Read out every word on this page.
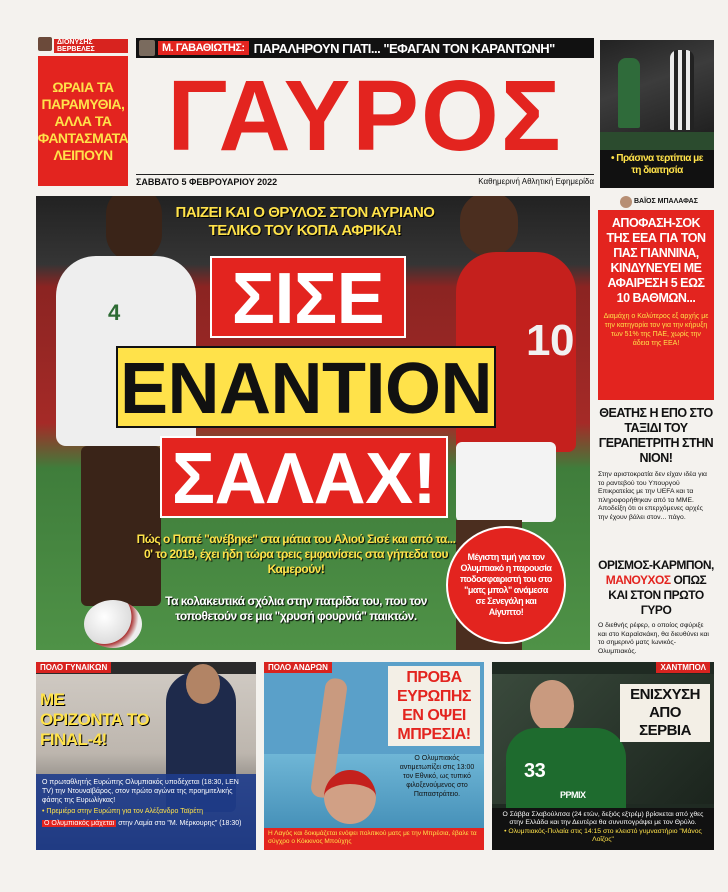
ΔΙΟΝΥΣΗΣ ΒΕΡΒΕΛΕΣ
ΩΡΑΙΑ ΤΑ ΠΑΡΑΜΥΘΙΑ, ΑΛΛΑ ΤΑ ΦΑΝΤΑΣΜΑΤΑ ΛΕΙΠΟΥΝ
Μ. ΓΑΒΑΘΙΩΤΗΣ: ΠΑΡΑΛΗΡΟΥΝ ΓΙΑΤΙ... "ΕΦΑΓΑΝ ΤΟΝ ΚΑΡΑΝΤΩΝΗ"
ΓΑΥΡΟΣ
ΣΑΒΒΑΤΟ 5 ΦΕΒΡΟΥΑΡΙΟΥ 2022	Καθημερινή Αθλητική Εφημερίδα
• Πράσινα τερτίπια με τη διαιτησία
4
10
ΠΑΙΖΕΙ ΚΑΙ Ο ΘΡΥΛΟΣ ΣΤΟΝ ΑΥΡΙΑΝΟ ΤΕΛΙΚΟ ΤΟΥ ΚΟΠΑ ΑΦΡΙΚΑ!
ΣΙΣΕ
ΕΝΑΝΤΙΟΝ
ΣΑΛΑΧ!
Πώς ο Παπέ "ανέβηκε" στα μάτια του Αλιού Σισέ και από τα... 0' το 2019, έχει ήδη τώρα τρεις εμφανίσεις στα γήπεδα του Καμερούν!
Τα κολακευτικά σχόλια στην πατρίδα του, που τον τοποθετούν σε μια "χρυσή φουρνιά" παικτών.
Μέγιστη τιμή για τον Ολυμπιακό η παρουσία ποδοσφαιριστή του στο "ματς μπολ" ανάμεσα σε Σενεγάλη και Αίγυπτο!
ΒΑΪΟΣ ΜΠΑΛΑΦΑΣ
ΑΠΟΦΑΣΗ-ΣΟΚ ΤΗΣ ΕΕΑ ΓΙΑ ΤΟΝ ΠΑΣ ΓΙΑΝΝΙΝΑ, ΚΙΝΔΥΝΕΥΕΙ ΜΕ ΑΦΑΙΡΕΣΗ 5 ΕΩΣ 10 ΒΑΘΜΩΝ...
Διαμάχη ο Καλύτερος εξ αρχής με την κατηγορία τον για την κήρυξη των 51% της ΠΑΕ, χωρίς την άδεια της ΕΕΑ!
ΘΕΑΤΗΣ Η ΕΠΟ ΣΤΟ ΤΑΞΙΔΙ ΤΟΥ ΓΕΡΑΠΕΤΡΙΤΗ ΣΤΗΝ ΝΙΟΝ!
Στην αριστοκρατία δεν είχαν ιδέα για το ραντεβού του Υπουργού Επικρατείας με την UEFA και τα πληροφορήθηκαν από τα ΜΜΕ. Αποδείξη ότι οι επερχόμενες αρχές την έχουν βάλει στον... πάγο.
ΟΡΙΣΜΟΣ-ΚΑΡΜΠΟΝ, ΜΑΝΟΥΧΟΣ ΟΠΩΣ ΚΑΙ ΣΤΟΝ ΠΡΩΤΟ ΓΥΡΟ
Ο διεθνής ρέφερ, ο οποίος σφύριξε και στο Καραϊσκάκη, θα διευθύνει και το σημερινό ματς Ιωνικός-Ολυμπιακός.
ΠΟΛΟ ΓΥΝΑΙΚΩΝ
ΜΕ ΟΡΙΖΟΝΤΑ ΤΟ FINAL-4!
Ο πρωταθλητής Ευρώπης Ολυμπιακός υποδέχεται (18:30, LEN TV) την Ντουναϊβάρος, στον πρώτο αγώνα της προημιτελικής φάσης της Ευρωλίγκας!
• Πρεμιέρα στην Ευρώπη για τον Αλέξανδρο Ταϊρέτη
Ο Ολυμπιακός μάχεται στην Λαμία στο "Μ. Μέρκουρης" (18:30)
ΠΟΛΟ ΑΝΔΡΩΝ
ΠΡΟΒΑ ΕΥΡΩΠΗΣ ΕΝ ΟΨΕΙ ΜΠΡΕΣΙΑ!
Ο Ολυμπιακός αντιμετωπίζει στις 13:00 τον Εθνικό, ως τυπικό φιλοξενούμενος στο Παπαστράτειο.
Η Λαγός και δοκιμάζεται ενόψει πολιτικού ματς με την Μπρέσια, έβαλε τα σύγχρο ο Κόκκινος Μπούχης
33
PPMIX
ΧΑΝΤΜΠΟΛ
ΕΝΙΣΧΥΣΗ ΑΠΟ ΣΕΡΒΙΑ
Ο Σάββα Σλαβούλιτσα (24 ετών, δεξιός εξτρέμ) βρίσκεται από χθες στην Ελλάδα και την Δευτέρα θα συνυπογράψει με τον Θρύλο.
• Ολυμπιακός-Πυλαία στις 14:15 στο κλειστό γυμναστήριο "Μάνος Λοΐζος"
